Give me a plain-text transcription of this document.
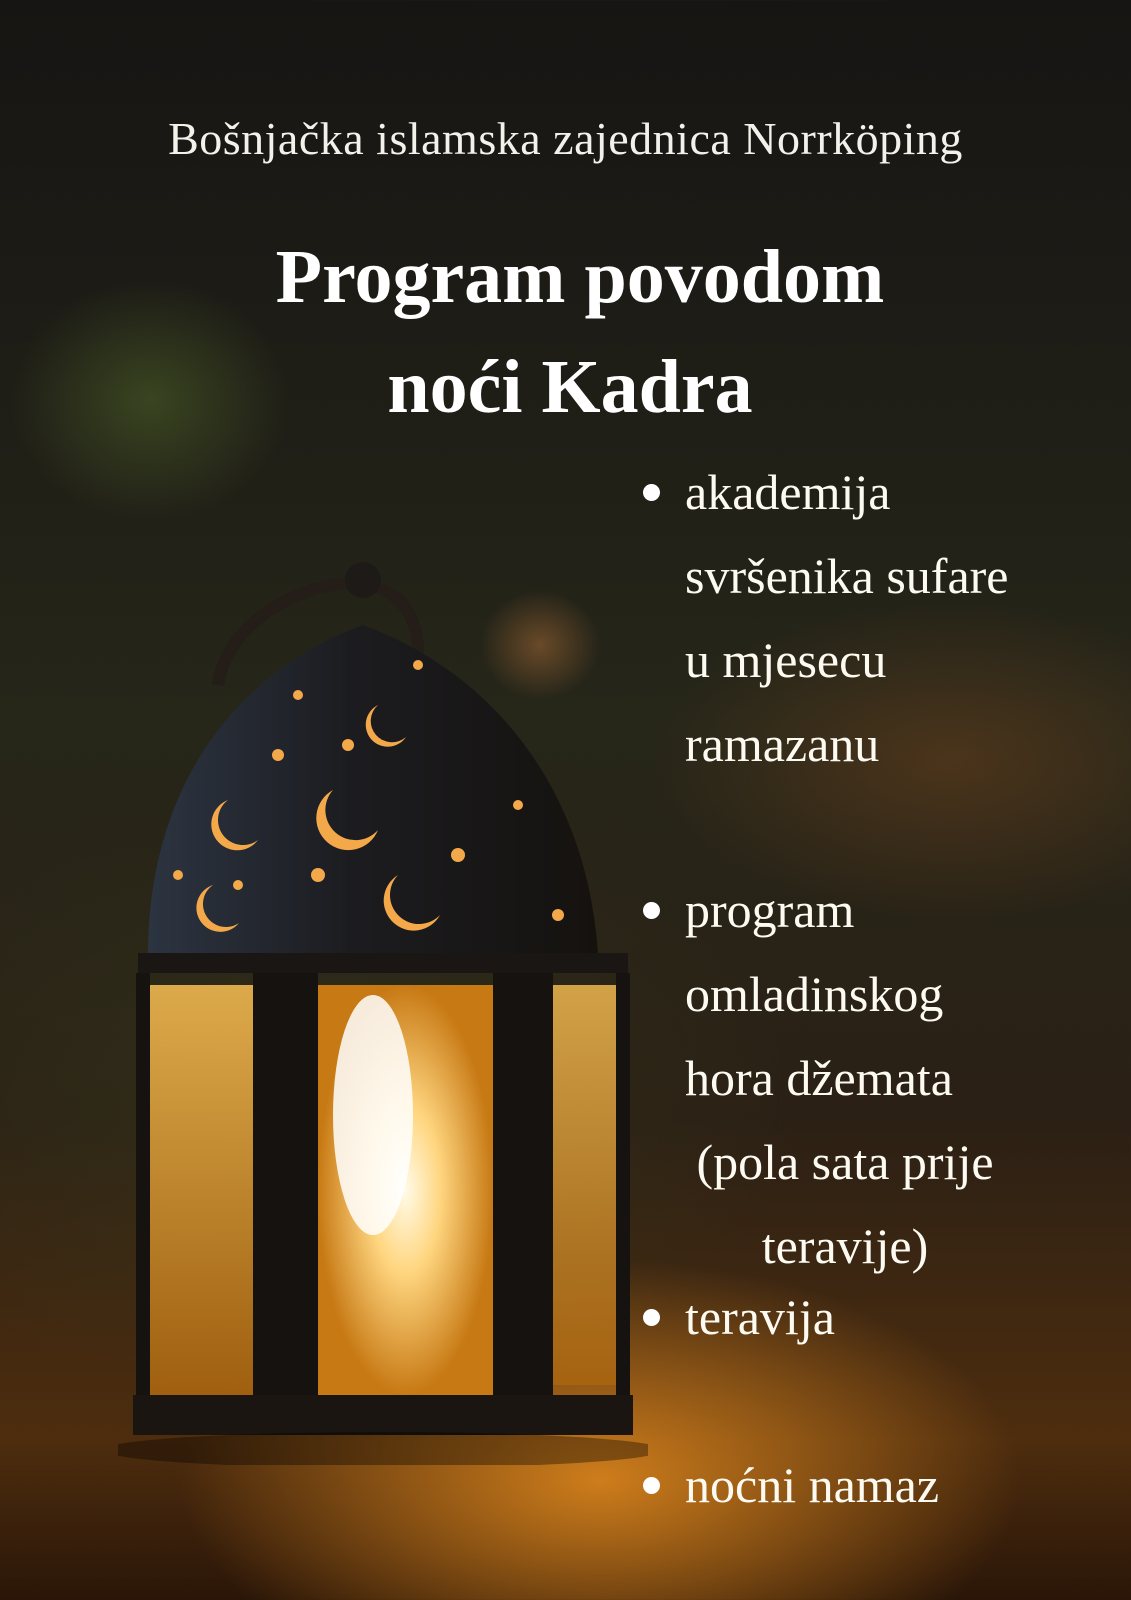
Bošnjačka islamska zajednica Norrköping
Program povodom
noći Kadra
akademija
svršenika sufare
u mjesecu
ramazanu
program
omladinskog
hora džemata
(pola sata prije
teravije)
teravija
noćni namaz
